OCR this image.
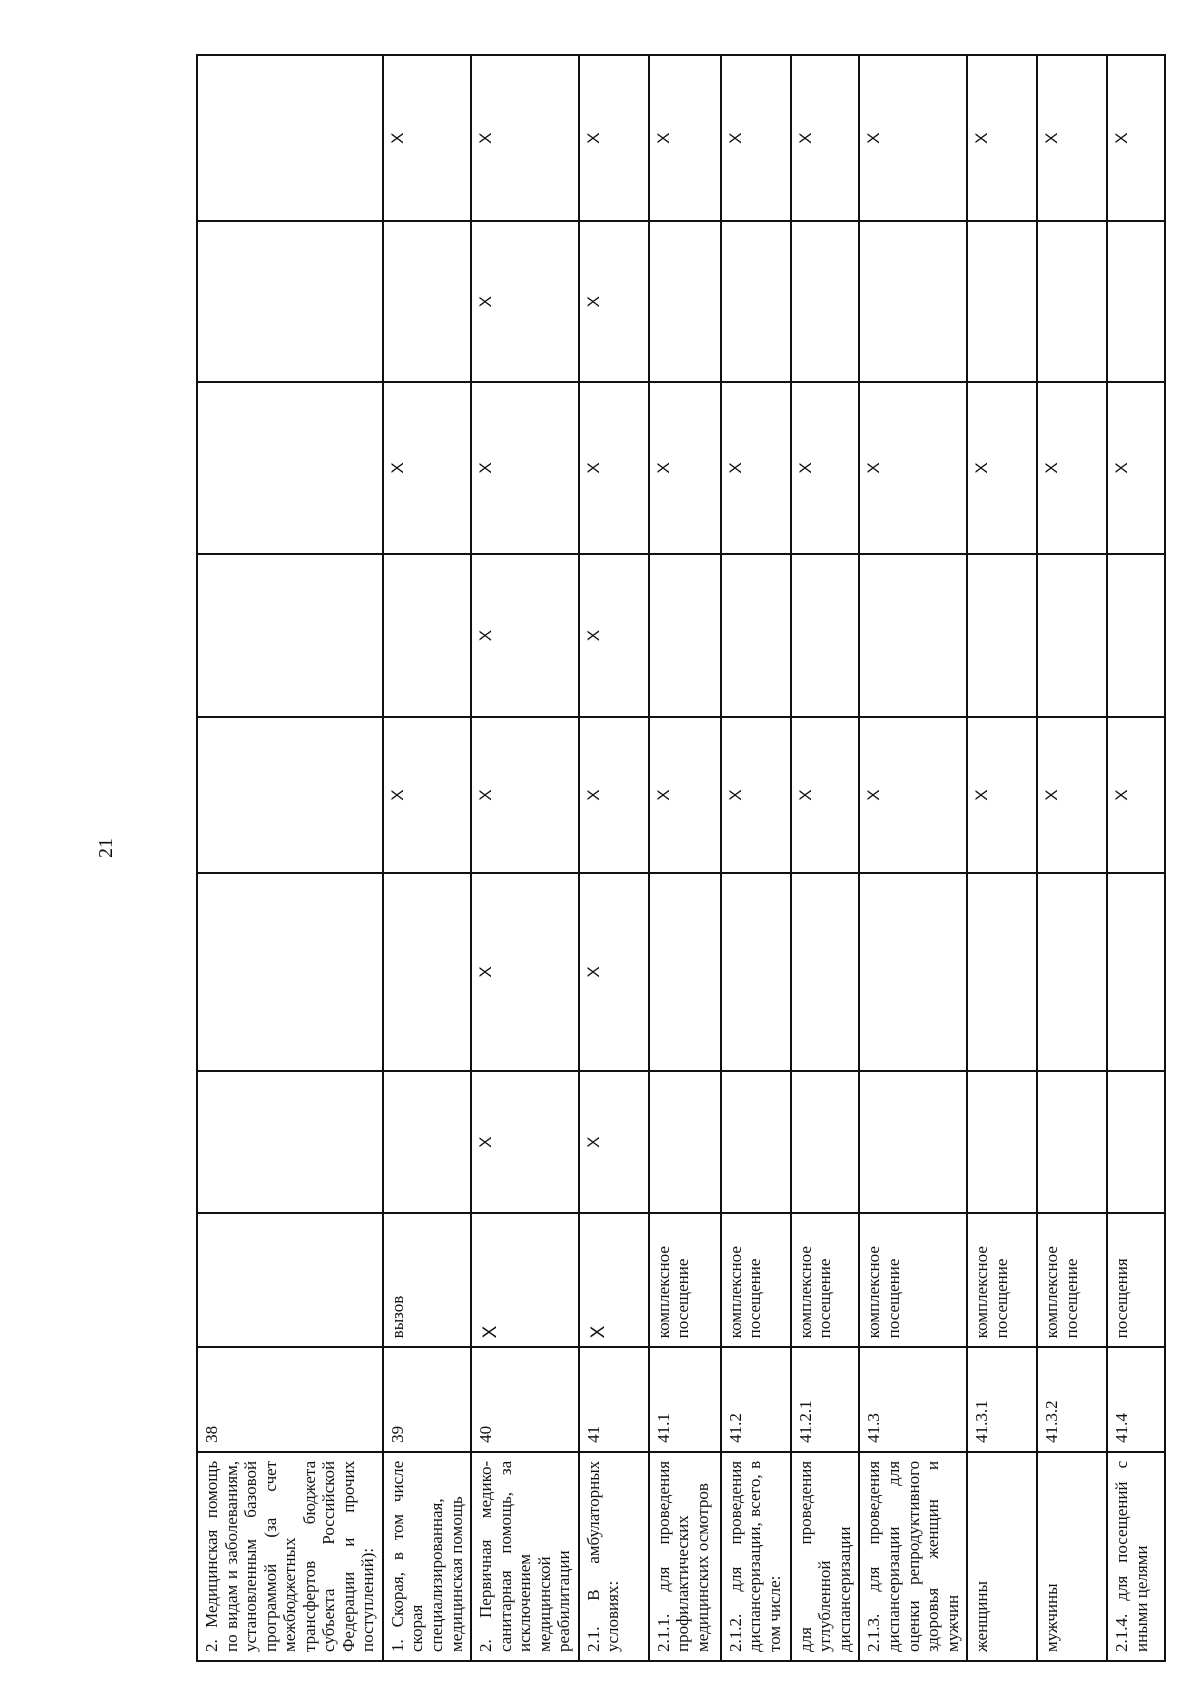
21
2. Медицинская помощь по видам и заболеваниям, установленным базовой программой (за счет межбюджетных трансфертов бюджета субъекта Российской Федерации и прочих поступлений):	38								
1. Скорая, в том числе скорая специализированная, медицинская помощь	39	вызов			X		X		X
2. Первичная медико-санитарная помощь, за исключением медицинской реабилитации	40	X	X	X	X	X	X	X	X
2.1. В амбулаторных условиях:	41	X	X	X	X	X	X	X	X
2.1.1. для проведения профилактических медицинских осмотров	41.1	комплексное посещение			X		X		X
2.1.2. для проведения диспансеризации, всего, в том числе:	41.2	комплексное посещение			X		X		X
для проведения углубленной диспансеризации	41.2.1	комплексное посещение			X		X		X
2.1.3. для проведения диспансеризации для оценки репродуктивного здоровья женщин и мужчин	41.3	комплексное посещение			X		X		X
женщины	41.3.1	комплексное посещение			X		X		X
мужчины	41.3.2	комплексное посещение			X		X		X
2.1.4. для посещений с иными целями	41.4	посещения			X		X		X
